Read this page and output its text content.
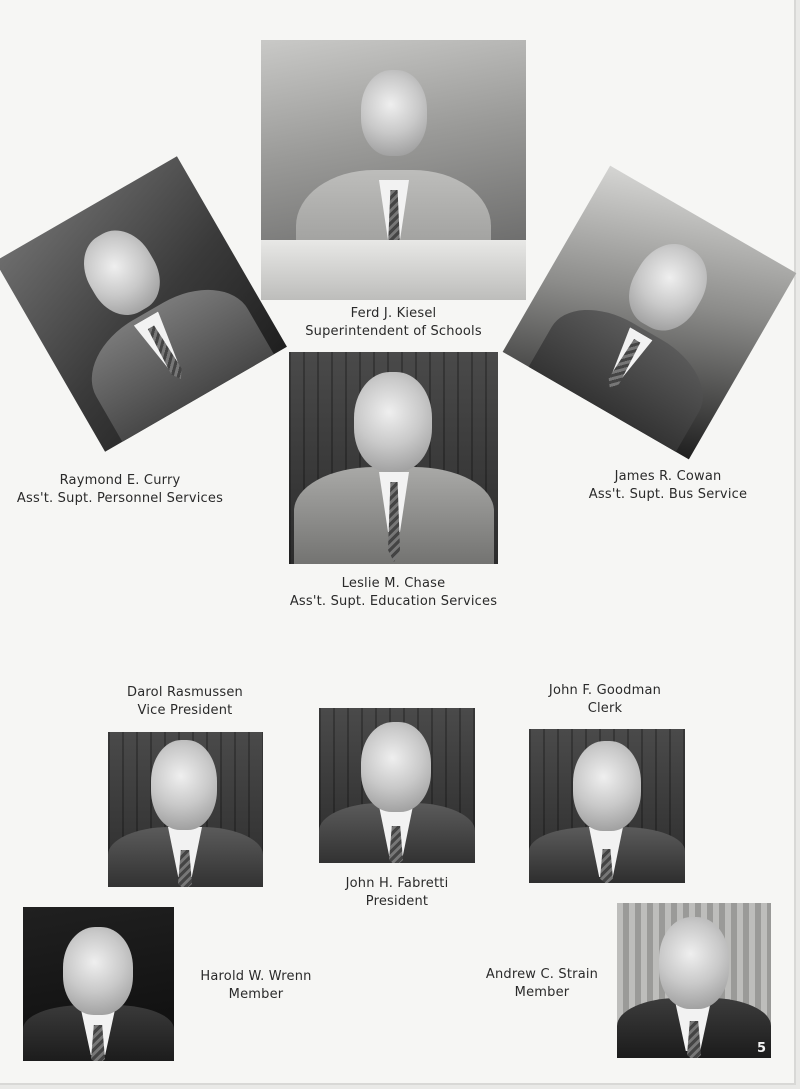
Ferd J. Kiesel
Superintendent of Schools
Raymond E. Curry
Ass't. Supt. Personnel Services
James R. Cowan
Ass't. Supt. Bus Service
Leslie M. Chase
Ass't. Supt. Education Services
Darol Rasmussen
Vice President
John H. Fabretti
President
John F. Goodman
Clerk
Harold W. Wrenn
Member
Andrew C. Strain
Member
5
